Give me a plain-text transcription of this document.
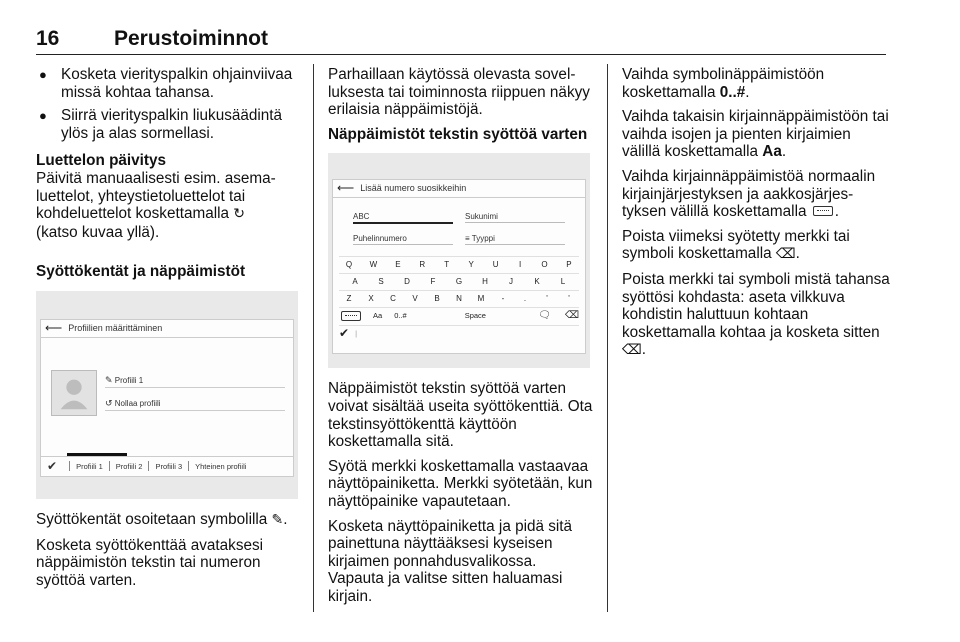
16	Perustoiminnot
● Kosketa vierityspalkin ohjainviivaa missä kohtaa tahansa.
● Siirrä vierityspalkin liukusäädintä ylös ja alas sormellasi.
Luettelon päivitys

Päivitä manuaalisesti esim. asemaluettelot, yhteystietoluettelot tai kohdeluettelot koskettamalla ↻
(katso kuvaa yllä).

Syöttökentät ja näppäimistöt
⟵ Profiilien määrittäminen
✎ Profiili 1
↺ Nollaa profiili
✔	Profiili 1 Profiili 2 Profiili 3 Yhteinen profiili

Syöttökentät osoitetaan symbolilla ✎.

Kosketa syöttökenttää avataksesi näppäimistön tekstin tai numeron syöttöä varten.

Parhaillaan käytössä olevasta sovelluksesta tai toiminnosta riippuen näkyy erilaisia näppäimistöjä.

Näppäimistöt tekstin syöttöä varten
⟵ Lisää numero suosikkeihin
ABC	Sukunimi
Puhelinnumero	≡ Tyyppi
Q	W	E	R	T	Y	U	I	O	P
A	S	D	F	G	H	J	K	L
Z	X	C	V	B	N	M	-	.	'	'
Aa 0..#	Space	🗨 ⌫
✔ |

Näppäimistöt tekstin syöttöä varten voivat sisältää useita syöttökenttiä. Ota tekstinsyöttökenttä käyttöön koskettamalla sitä.

Syötä merkki koskettamalla vastaavaa näyttöpainiketta. Merkki syötetään, kun näyttöpainike vapautetaan.

Kosketa näyttöpainiketta ja pidä sitä painettuna näyttääksesi kyseisen kirjaimen ponnahdusvalikossa. Vapauta ja valitse sitten haluamasi kirjain.

Vaihda symbolinäppäimistöön koskettamalla 0..#.

Vaihda takaisin kirjainnäppäimistöön tai vaihda isojen ja pienten kirjaimien välillä koskettamalla Aa.

Vaihda kirjainnäppäimistöä normaalin kirjainjärjestyksen ja aakkosjärjestyksen välillä koskettamalla .

Poista viimeksi syötetty merkki tai symboli koskettamalla ⌫.

Poista merkki tai symboli mistä tahansa syöttösi kohdasta: aseta vilkkuva kohdistin haluttuun kohtaan koskettamalla kohtaa ja kosketa sitten ⌫.
